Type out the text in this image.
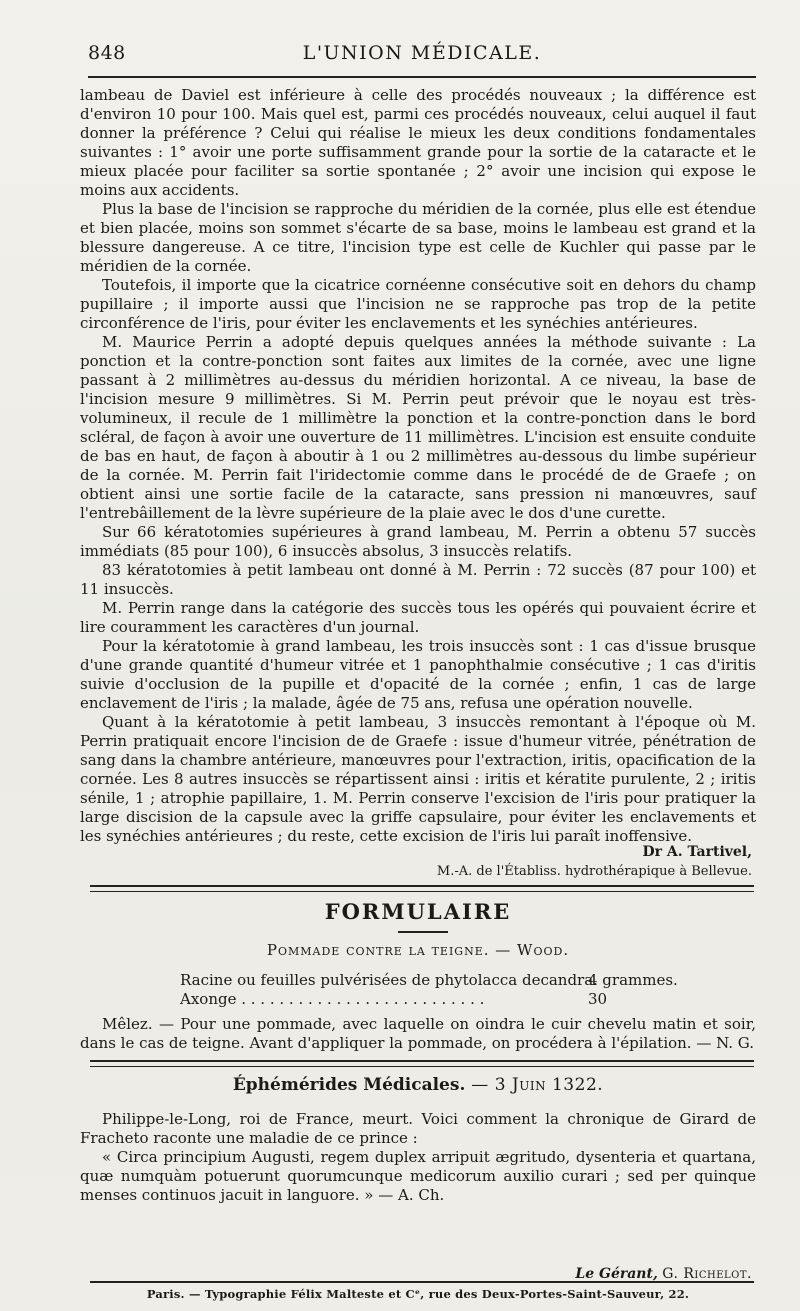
848	L'UNION MÉDICALE.

lambeau de Daviel est inférieure à celle des procédés nouveaux ; la différence est d'environ 10 pour 100. Mais quel est, parmi ces procédés nouveaux, celui auquel il faut donner la préférence ? Celui qui réalise le mieux les deux conditions fondamentales suivantes : 1° avoir une porte suffisamment grande pour la sortie de la cataracte et le mieux placée pour faciliter sa sortie spontanée ; 2° avoir une incision qui expose le moins aux accidents.

Plus la base de l'incision se rapproche du méridien de la cornée, plus elle est étendue et bien placée, moins son sommet s'écarte de sa base, moins le lambeau est grand et la blessure dangereuse. A ce titre, l'incision type est celle de Kuchler qui passe par le méridien de la cornée.

Toutefois, il importe que la cicatrice cornéenne consécutive soit en dehors du champ pupillaire ; il importe aussi que l'incision ne se rapproche pas trop de la petite circonférence de l'iris, pour éviter les enclavements et les synéchies antérieures.

M. Maurice Perrin a adopté depuis quelques années la méthode suivante : La ponction et la contre-ponction sont faites aux limites de la cornée, avec une ligne passant à 2 millimètres au-dessus du méridien horizontal. A ce niveau, la base de l'incision mesure 9 millimètres. Si M. Perrin peut prévoir que le noyau est très-volumineux, il recule de 1 millimètre la ponction et la contre-ponction dans le bord scléral, de façon à avoir une ouverture de 11 millimètres. L'incision est ensuite conduite de bas en haut, de façon à aboutir à 1 ou 2 millimètres au-dessous du limbe supérieur de la cornée. M. Perrin fait l'iridectomie comme dans le procédé de de Graefe ; on obtient ainsi une sortie facile de la cataracte, sans pression ni manœuvres, sauf l'entrebâillement de la lèvre supérieure de la plaie avec le dos d'une curette.

Sur 66 kératotomies supérieures à grand lambeau, M. Perrin a obtenu 57 succès immédiats (85 pour 100), 6 insuccès absolus, 3 insuccès relatifs.

83 kératotomies à petit lambeau ont donné à M. Perrin : 72 succès (87 pour 100) et 11 insuccès.

M. Perrin range dans la catégorie des succès tous les opérés qui pouvaient écrire et lire couramment les caractères d'un journal.

Pour la kératotomie à grand lambeau, les trois insuccès sont : 1 cas d'issue brusque d'une grande quantité d'humeur vitrée et 1 panophthalmie consécutive ; 1 cas d'iritis suivie d'occlusion de la pupille et d'opacité de la cornée ; enfin, 1 cas de large enclavement de l'iris ; la malade, âgée de 75 ans, refusa une opération nouvelle.

Quant à la kératotomie à petit lambeau, 3 insuccès remontant à l'époque où M. Perrin pratiquait encore l'incision de de Graefe : issue d'humeur vitrée, pénétration de sang dans la chambre antérieure, manœuvres pour l'extraction, iritis, opacification de la cornée. Les 8 autres insuccès se répartissent ainsi : iritis et kératite purulente, 2 ; iritis sénile, 1 ; atrophie papillaire, 1. M. Perrin conserve l'excision de l'iris pour pratiquer la large discision de la capsule avec la griffe capsulaire, pour éviter les enclavements et les synéchies antérieures ; du reste, cette excision de l'iris lui paraît inoffensive.

Dr A. Tartivel,
M.-A. de l'Établiss. hydrothérapique à Bellevue.
FORMULAIRE
Pommade contre la teigne. — Wood.
Racine ou feuilles pulvérisées de phytolacca decandra.
4 grammes.
Axonge . . . . . . . . . . . . . . . . . . . . . . . . . .	30

Mêlez. — Pour une pommade, avec laquelle on oindra le cuir chevelu matin et soir, dans le cas de teigne. Avant d'appliquer la pommade, on procédera à l'épilation. — N. G.

Éphémérides Médicales. — 3 Juin 1322.

Philippe-le-Long, roi de France, meurt. Voici comment la chronique de Girard de Fracheto raconte une maladie de ce prince :

« Circa principium Augusti, regem duplex arripuit ægritudo, dysenteria et quartana, quæ numquàm potuerunt quorumcunque medicorum auxilio curari ; sed per quinque menses continuos jacuit in languore. » — A. Ch.

Le Gérant, G. Richelot.
Paris. — Typographie Félix Malteste et Cᵉ, rue des Deux-Portes-Saint-Sauveur, 22.
